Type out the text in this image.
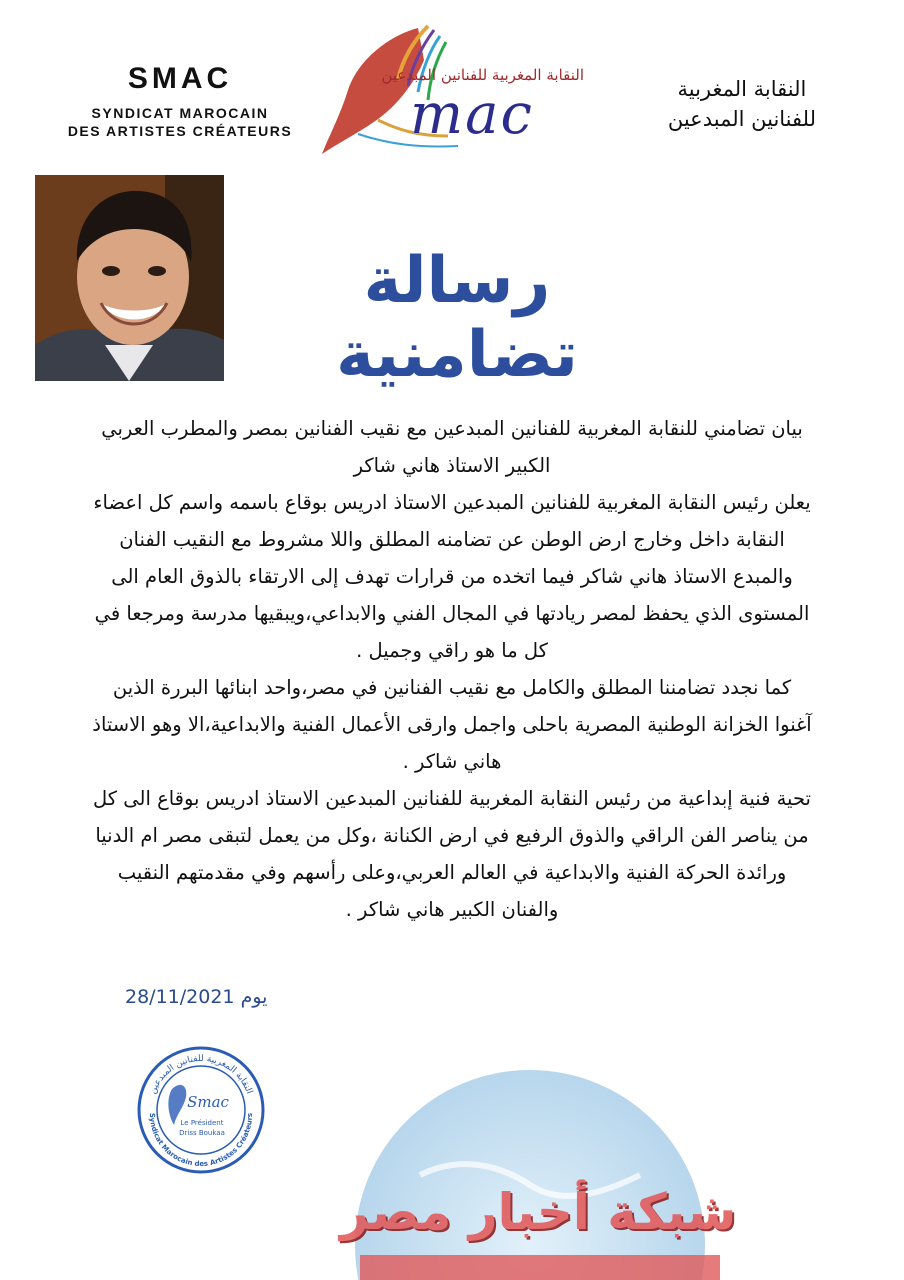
SMAC
SYNDICAT MAROCAIN
DES ARTISTES CRÉATEURS
النقابة المغربية للفنانين المبدعين
mac	النقابة المغربية
للفنانين المبدعين
رسالة تضامنية

بيان تضامني للنقابة المغربية للفنانين المبدعين مع نقيب الفنانين بمصر والمطرب العربي الكبير الاستاذ هاني شاكر

يعلن رئيس النقابة المغربية للفنانين المبدعين الاستاذ ادريس بوقاع باسمه واسم كل اعضاء النقابة داخل وخارج ارض الوطن عن تضامنه المطلق واللا مشروط مع النقيب الفنان والمبدع الاستاذ هاني شاكر فيما اتخده من قرارات تهدف إلى الارتقاء بالذوق العام الى المستوى الذي يحفظ لمصر ريادتها في المجال الفني والابداعي،ويبقيها مدرسة ومرجعا في كل ما هو راقي وجميل .

كما نجدد تضامننا المطلق والكامل مع نقيب الفنانين في مصر،واحد ابنائها البررة الذين آغنوا الخزانة الوطنية المصرية باحلى واجمل وارقى الأعمال الفنية والابداعية،الا وهو الاستاذ هاني شاكر .

تحية فنية إبداعية من رئيس النقابة المغربية للفنانين المبدعين الاستاذ ادريس بوقاع الى كل من يناصر الفن الراقي والذوق الرفيع في ارض الكنانة ،وكل من يعمل لتبقى مصر ام الدنيا ورائدة الحركة الفنية والابداعية في العالم العربي،وعلى رأسهم وفي مقدمتهم النقيب والفنان الكبير هاني شاكر .

يوم 28/11/2021
النقابة المغربية للفنانين المبدعين
Syndicat Marocain des Artistes Créateurs
Smac
Le Président
Driss Boukaa
شبكة أخبار مصر
